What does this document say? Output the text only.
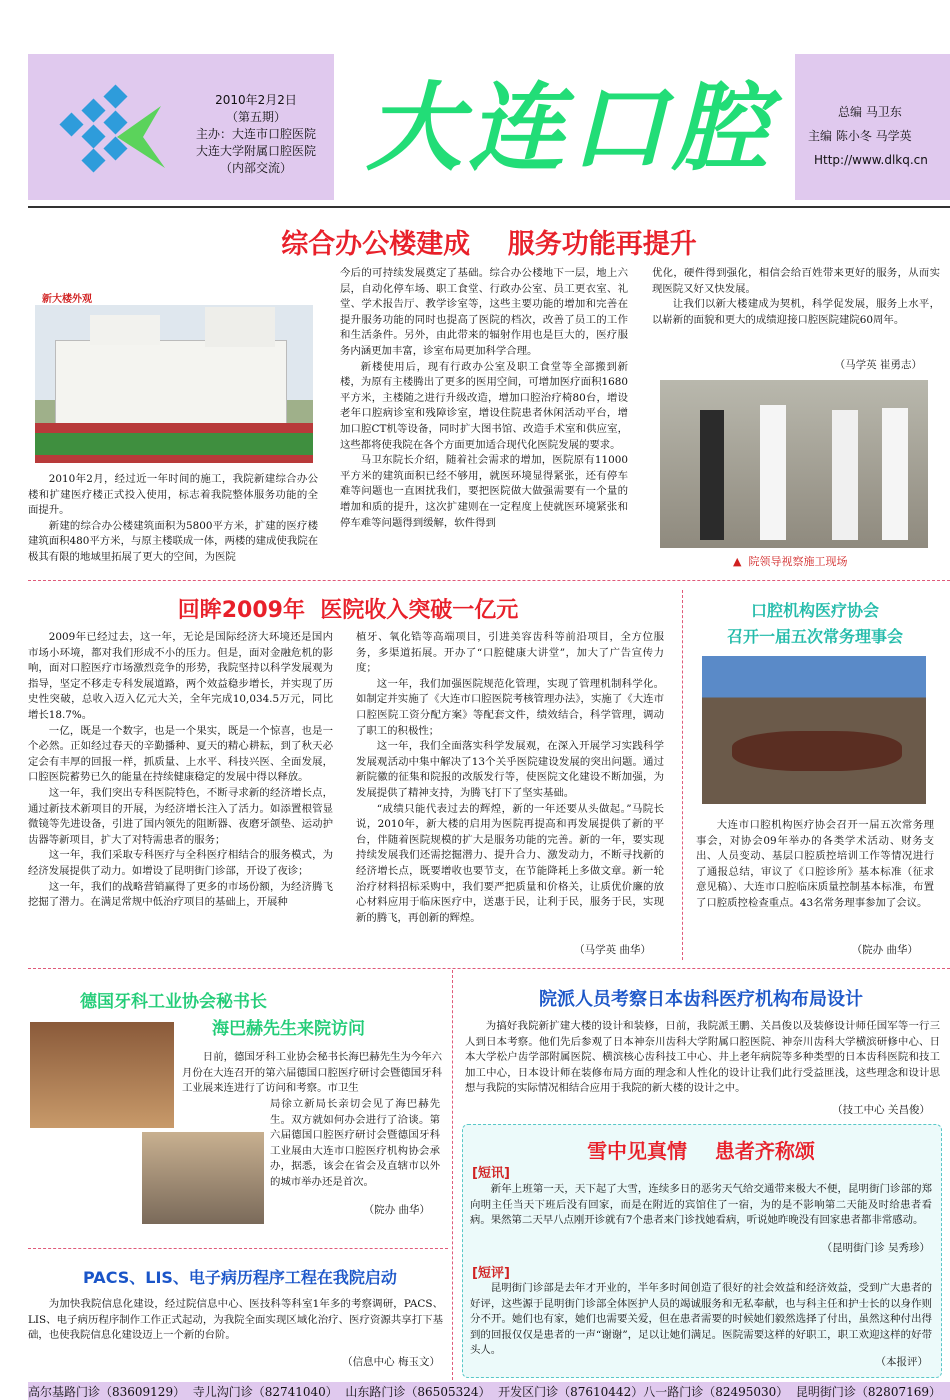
2010年2月2日
（第五期）
主办：大连市口腔医院
大连大学附属口腔医院
（内部交流） 大连口腔	总编 马卫东
主编 陈小冬 马学英
Http://www.dlkq.cn
综合办公楼建成    服务功能再提升
新大楼外观

2010年2月，经过近一年时间的施工，我院新建综合办公楼和扩建医疗楼正式投入使用，标志着我院整体服务功能的全面提升。

新建的综合办公楼建筑面积为5800平方米，扩建的医疗楼建筑面积480平方米，与原主楼联成一体，两楼的建成使我院在极其有限的地域里拓展了更大的空间，为医院

今后的可持续发展奠定了基础。综合办公楼地下一层，地上六层，自动化停车场、职工食堂、行政办公室、员工更衣室、礼堂、学术报告厅、教学诊室等，这些主要功能的增加和完善在提升服务功能的同时也提高了医院的档次，改善了员工的工作和生活条件。另外，由此带来的辐射作用也是巨大的，医疗服务内涵更加丰富，诊室布局更加科学合理。

新楼使用后，现有行政办公室及职工食堂等全部搬到新楼，为原有主楼腾出了更多的医用空间，可增加医疗面积1680平方米，主楼随之进行升级改造，增加口腔治疗椅80台，增设老年口腔病诊室和残障诊室，增设住院患者休闲活动平台，增加口腔CT机等设备，同时扩大图书馆、改造手术室和供应室，这些都将使我院在各个方面更加适合现代化医院发展的要求。

马卫东院长介绍，随着社会需求的增加，医院原有11000平方米的建筑面积已经不够用，就医环境显得紧张，还有停车难等问题也一直困扰我们，要把医院做大做强需要有一个量的增加和质的提升，这次扩建则在一定程度上使就医环境紧张和停车难等问题得到缓解，软件得到

优化，硬件得到强化，相信会给百姓带来更好的服务，从而实现医院又好又快发展。

让我们以新大楼建成为契机，科学促发展，服务上水平，以崭新的面貌和更大的成绩迎接口腔医院建院60周年。

（马学英 崔勇志）
▲  院领导视察施工现场
回眸2009年  医院收入突破一亿元

2009年已经过去，这一年，无论是国际经济大环境还是国内市场小环境，都对我们形成不小的压力。但是，面对金融危机的影响，面对口腔医疗市场激烈竞争的形势，我院坚持以科学发展观为指导，坚定不移走专科发展道路，两个效益稳步增长，并实现了历史性突破，总收入迈入亿元大关，全年完成10,034.5万元，同比增长18.7%。

一亿，既是一个数字，也是一个果实，既是一个惊喜，也是一个必然。正如经过春天的辛勤播种、夏天的精心耕耘，到了秋天必定会有丰厚的回报一样，抓质量、上水平、科技兴医、全面发展，口腔医院蓄势已久的能量在持续健康稳定的发展中得以释放。

这一年，我们突出专科医院特色，不断寻求新的经济增长点，通过新技术新项目的开展，为经济增长注入了活力。如添置根管显微镜等先进设备，引进了国内领先的阻断器、夜磨牙颌垫、运动护齿器等新项目，扩大了对特需患者的服务；

这一年，我们采取专科医疗与全科医疗相结合的服务模式，为经济发展提供了动力。如增设了昆明街门诊部，开设了夜诊；

这一年，我们的战略营销赢得了更多的市场份额，为经济腾飞挖掘了潜力。在满足常规中低治疗项目的基础上，开展种

植牙、氧化锆等高端项目，引进美容齿科等前沿项目，全方位服务，多渠道拓展。开办了“口腔健康大讲堂”，加大了广告宣传力度；

这一年，我们加强医院规范化管理，实现了管理机制科学化。如制定并实施了《大连市口腔医院考核管理办法》，实施了《大连市口腔医院工资分配方案》等配套文件，绩效结合，科学管理，调动了职工的积极性；

这一年，我们全面落实科学发展观，在深入开展学习实践科学发展观活动中集中解决了13个关乎医院建设发展的突出问题。通过新院徽的征集和院报的改版发行等，使医院文化建设不断加强，为发展提供了精神支持，为腾飞打下了坚实基础。

“成绩只能代表过去的辉煌，新的一年还要从头做起。”马院长说，2010年，新大楼的启用为医院再提高和再发展提供了新的平台，伴随着医院规模的扩大是服务功能的完善。新的一年，要实现持续发展我们还需挖掘潜力、提升合力、激发动力，不断寻找新的经济增长点，既要增收也要节支，在节能降耗上多做文章。新一轮治疗材料招标采购中，我们要严把质量和价格关，让质优价廉的放心材料应用于临床医疗中，送惠于民，让利于民，服务于民，实现新的腾飞，再创新的辉煌。

（马学英 曲华）
口腔机构医疗协会
召开一届五次常务理事会

大连市口腔机构医疗协会召开一届五次常务理事会，对协会09年举办的各类学术活动、财务支出、人员变动、基层口腔质控培训工作等情况进行了通报总结，审议了《口腔诊所》基本标准（征求意见稿）、大连市口腔临床质量控制基本标准，布置了口腔质控检查重点。43名常务理事参加了会议。

（院办 曲华）
德国牙科工业协会秘书长
海巴赫先生来院访问

日前，德国牙科工业协会秘书长海巴赫先生为今年六月份在大连召开的第六届德国口腔医疗研讨会暨德国牙科工业展来连进行了访问和考察。市卫生

局徐立新局长亲切会见了海巴赫先生。双方就如何办会进行了洽谈。第六届德国口腔医疗研讨会暨德国牙科工业展由大连市口腔医疗机构协会承办，据悉，该会在省会及直辖市以外的城市举办还是首次。

（院办 曲华）
PACS、LIS、电子病历程序工程在我院启动

为加快我院信息化建设，经过院信息中心、医技科等科室1年多的考察调研，PACS、LIS、电子病历程序制作工作正式起动，为我院全面实现区域化治疗、医疗资源共享打下基础，也使我院信息化建设迈上一个新的台阶。

（信息中心 梅玉文）
院派人员考察日本齿科医疗机构布局设计

为搞好我院新扩建大楼的设计和装修，日前，我院派王鹏、关昌俊以及装修设计师任国军等一行三人到日本考察。他们先后参观了日本神奈川齿科大学附属口腔医院、神奈川齿科大学横滨研修中心、日本大学松户齿学部附属医院、横滨核心齿科技工中心、井上老年病院等多种类型的日本齿科医院和技工加工中心，日本设计师在装修布局方面的理念和人性化的设计让我们此行受益匪浅，这些理念和设计思想与我院的实际情况相结合应用于我院的新大楼的设计之中。

（技工中心 关昌俊）
雪中见真情    患者齐称颂
[短讯]

新年上班第一天，天下起了大雪，连续多日的恶劣天气给交通带来极大不便，昆明街门诊部的郑向明主任当天下班后没有回家，而是在附近的宾馆住了一宿，为的是不影响第二天能及时给患者看病。果然第二天早八点刚开诊就有7个患者来门诊找她看病，听说她昨晚没有回家患者都非常感动。

（昆明街门诊 吴秀珍）
[短评]

昆明街门诊部是去年才开业的，半年多时间创造了很好的社会效益和经济效益，受到广大患者的好评，这些源于昆明街门诊部全体医护人员的竭诚服务和无私奉献，也与科主任和护士长的以身作则分不开。她们也有家，她们也需要关爱，但在患者需要的时候她们毅然选择了付出，虽然这种付出得到的回报仅仅是患者的一声“谢谢”，足以让她们满足。医院需要这样的好职工，职工欢迎这样的好带头人。

（本报评）
高尔基路门诊（83609129）  寺儿沟门诊（82741040）  山东路门诊（86505324）  开发区门诊（87610442）八一路门诊（82495030）  昆明街门诊（82807169）
